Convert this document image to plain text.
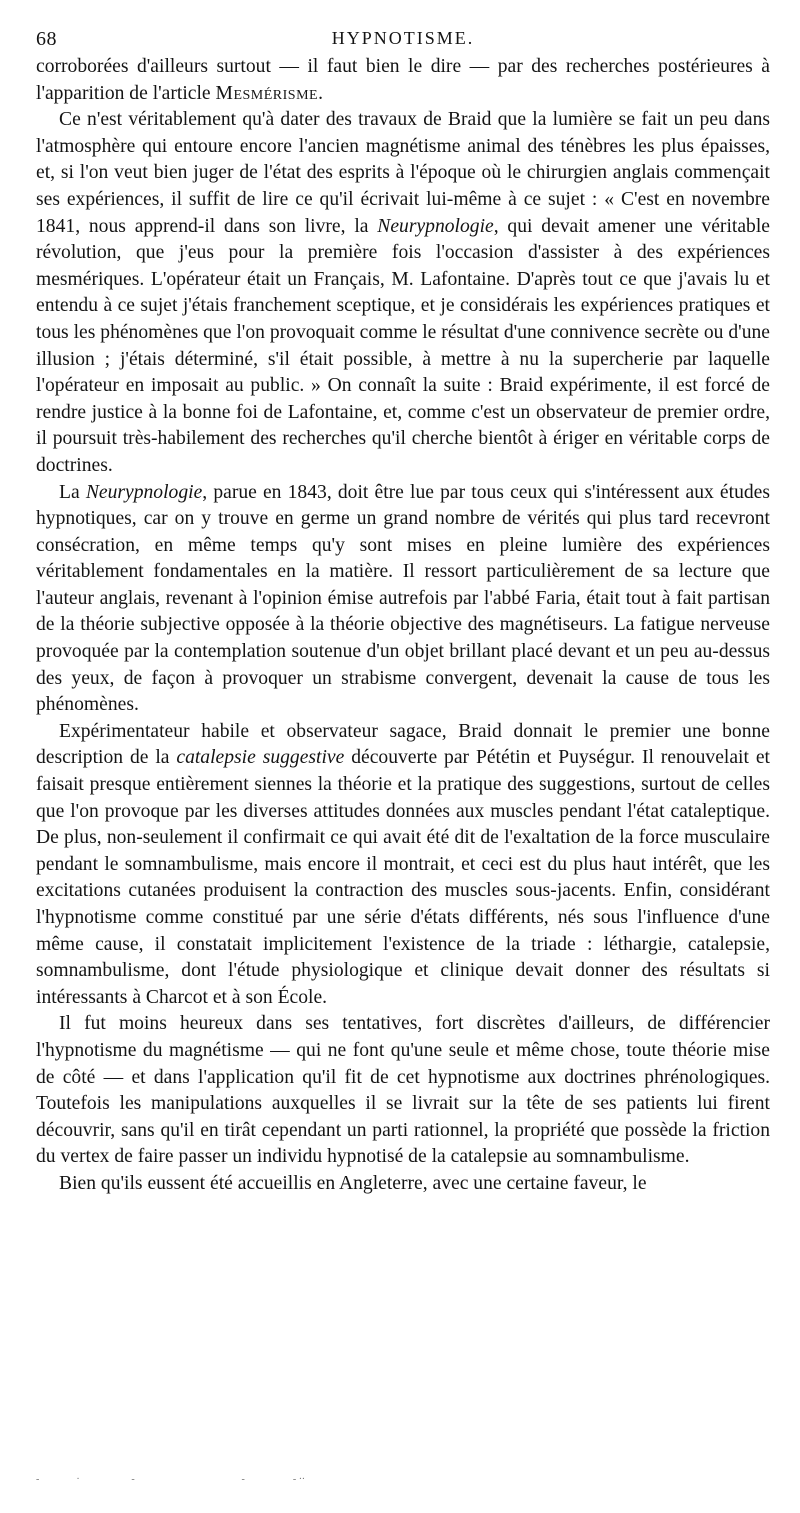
68	HYPNOTISME.

corroborées d'ailleurs surtout — il faut bien le dire — par des recherches postérieures à l'apparition de l'article Mesmérisme.

Ce n'est véritablement qu'à dater des travaux de Braid que la lumière se fait un peu dans l'atmosphère qui entoure encore l'ancien magnétisme animal des ténèbres les plus épaisses, et, si l'on veut bien juger de l'état des esprits à l'époque où le chirurgien anglais commençait ses expériences, il suffit de lire ce qu'il écrivait lui-même à ce sujet : « C'est en novembre 1841, nous apprend-il dans son livre, la Neurypnologie, qui devait amener une véritable révolution, que j'eus pour la première fois l'occasion d'assister à des expériences mesmériques. L'opérateur était un Français, M. Lafontaine. D'après tout ce que j'avais lu et entendu à ce sujet j'étais franchement sceptique, et je considérais les expériences pratiques et tous les phénomènes que l'on provoquait comme le résultat d'une connivence secrète ou d'une illusion ; j'étais déterminé, s'il était possible, à mettre à nu la supercherie par laquelle l'opérateur en imposait au public. » On connaît la suite : Braid expérimente, il est forcé de rendre justice à la bonne foi de Lafontaine, et, comme c'est un observateur de premier ordre, il poursuit très-habilement des recherches qu'il cherche bientôt à ériger en véritable corps de doctrines.

La Neurypnologie, parue en 1843, doit être lue par tous ceux qui s'intéressent aux études hypnotiques, car on y trouve en germe un grand nombre de vérités qui plus tard recevront consécration, en même temps qu'y sont mises en pleine lumière des expériences véritablement fondamentales en la matière. Il ressort particulièrement de sa lecture que l'auteur anglais, revenant à l'opinion émise autrefois par l'abbé Faria, était tout à fait partisan de la théorie subjective opposée à la théorie objective des magnétiseurs. La fatigue nerveuse provoquée par la contemplation soutenue d'un objet brillant placé devant et un peu au-dessus des yeux, de façon à provoquer un strabisme convergent, devenait la cause de tous les phénomènes.

Expérimentateur habile et observateur sagace, Braid donnait le premier une bonne description de la catalepsie suggestive découverte par Pététin et Puységur. Il renouvelait et faisait presque entièrement siennes la théorie et la pratique des suggestions, surtout de celles que l'on provoque par les diverses attitudes données aux muscles pendant l'état cataleptique. De plus, non-seulement il confirmait ce qui avait été dit de l'exaltation de la force musculaire pendant le somnambulisme, mais encore il montrait, et ceci est du plus haut intérêt, que les excitations cutanées produisent la contraction des muscles sous-jacents. Enfin, considérant l'hypnotisme comme constitué par une série d'états différents, nés sous l'influence d'une même cause, il constatait implicitement l'existence de la triade : léthargie, catalepsie, somnambulisme, dont l'étude physiologique et clinique devait donner des résultats si intéressants à Charcot et à son École.

Il fut moins heureux dans ses tentatives, fort discrètes d'ailleurs, de différencier l'hypnotisme du magnétisme — qui ne font qu'une seule et même chose, toute théorie mise de côté — et dans l'application qu'il fit de cet hypnotisme aux doctrines phrénologiques. Toutefois les manipulations auxquelles il se livrait sur la tête de ses patients lui firent découvrir, sans qu'il en tirât cependant un parti rationnel, la propriété que possède la friction du vertex de faire passer un individu hypnotisé de la catalepsie au somnambulisme.

Bien qu'ils eussent été accueillis en Angleterre, avec une certaine faveur, le

-	·	-	-	- · ·
